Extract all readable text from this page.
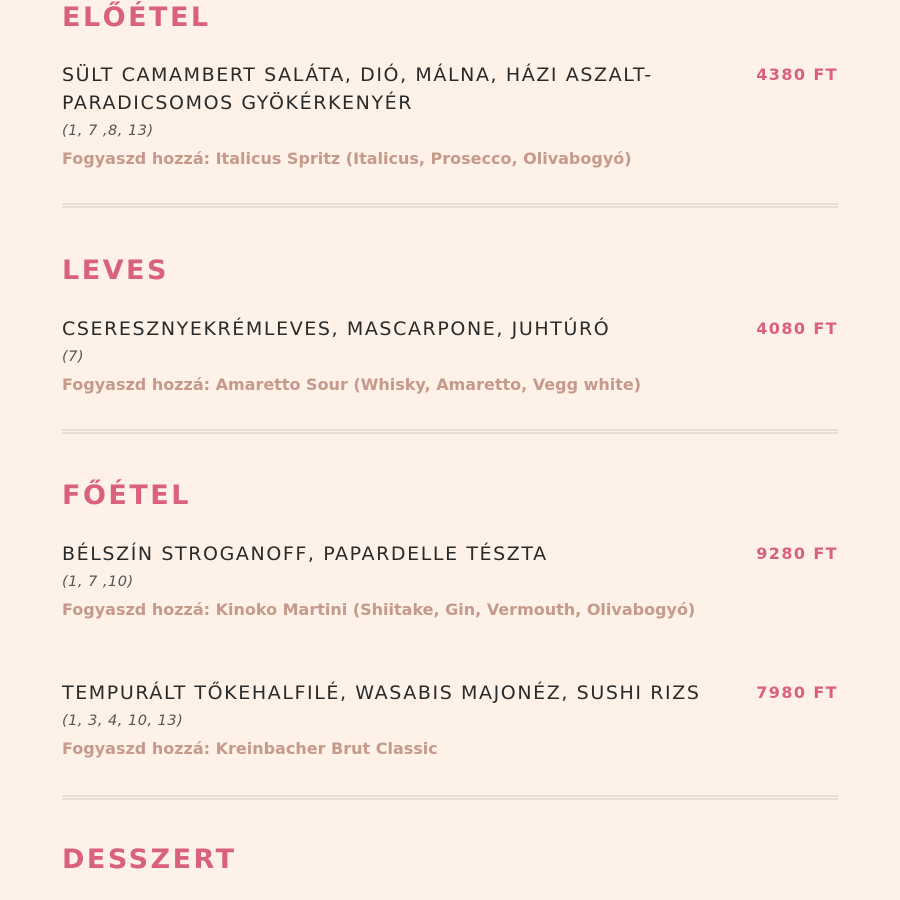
ELŐÉTEL
SÜLT CAMAMBERT SALÁTA, DIÓ, MÁLNA, HÁZI ASZALT-PARADICSOMOS GYÖKÉRKENYÉR
4380 FT
(1, 7 ,8, 13)
Fogyaszd hozzá: Italicus Spritz (Italicus, Prosecco, Olivabogyó)
LEVES
CSERESZNYEKRÉMLEVES, MASCARPONE, JUHTÚRÓ	4080 FT
(7)
Fogyaszd hozzá: Amaretto Sour (Whisky, Amaretto, Vegg white)
FŐÉTEL
BÉLSZÍN STROGANOFF, PAPARDELLE TÉSZTA	9280 FT
(1, 7 ,10)
Fogyaszd hozzá: Kinoko Martini (Shiitake, Gin, Vermouth, Olivabogyó)
TEMPURÁLT TŐKEHALFILÉ, WASABIS MAJONÉZ, SUSHI RIZS	7980 FT
(1, 3, 4, 10, 13)
Fogyaszd hozzá: Kreinbacher Brut Classic
DESSZERT
